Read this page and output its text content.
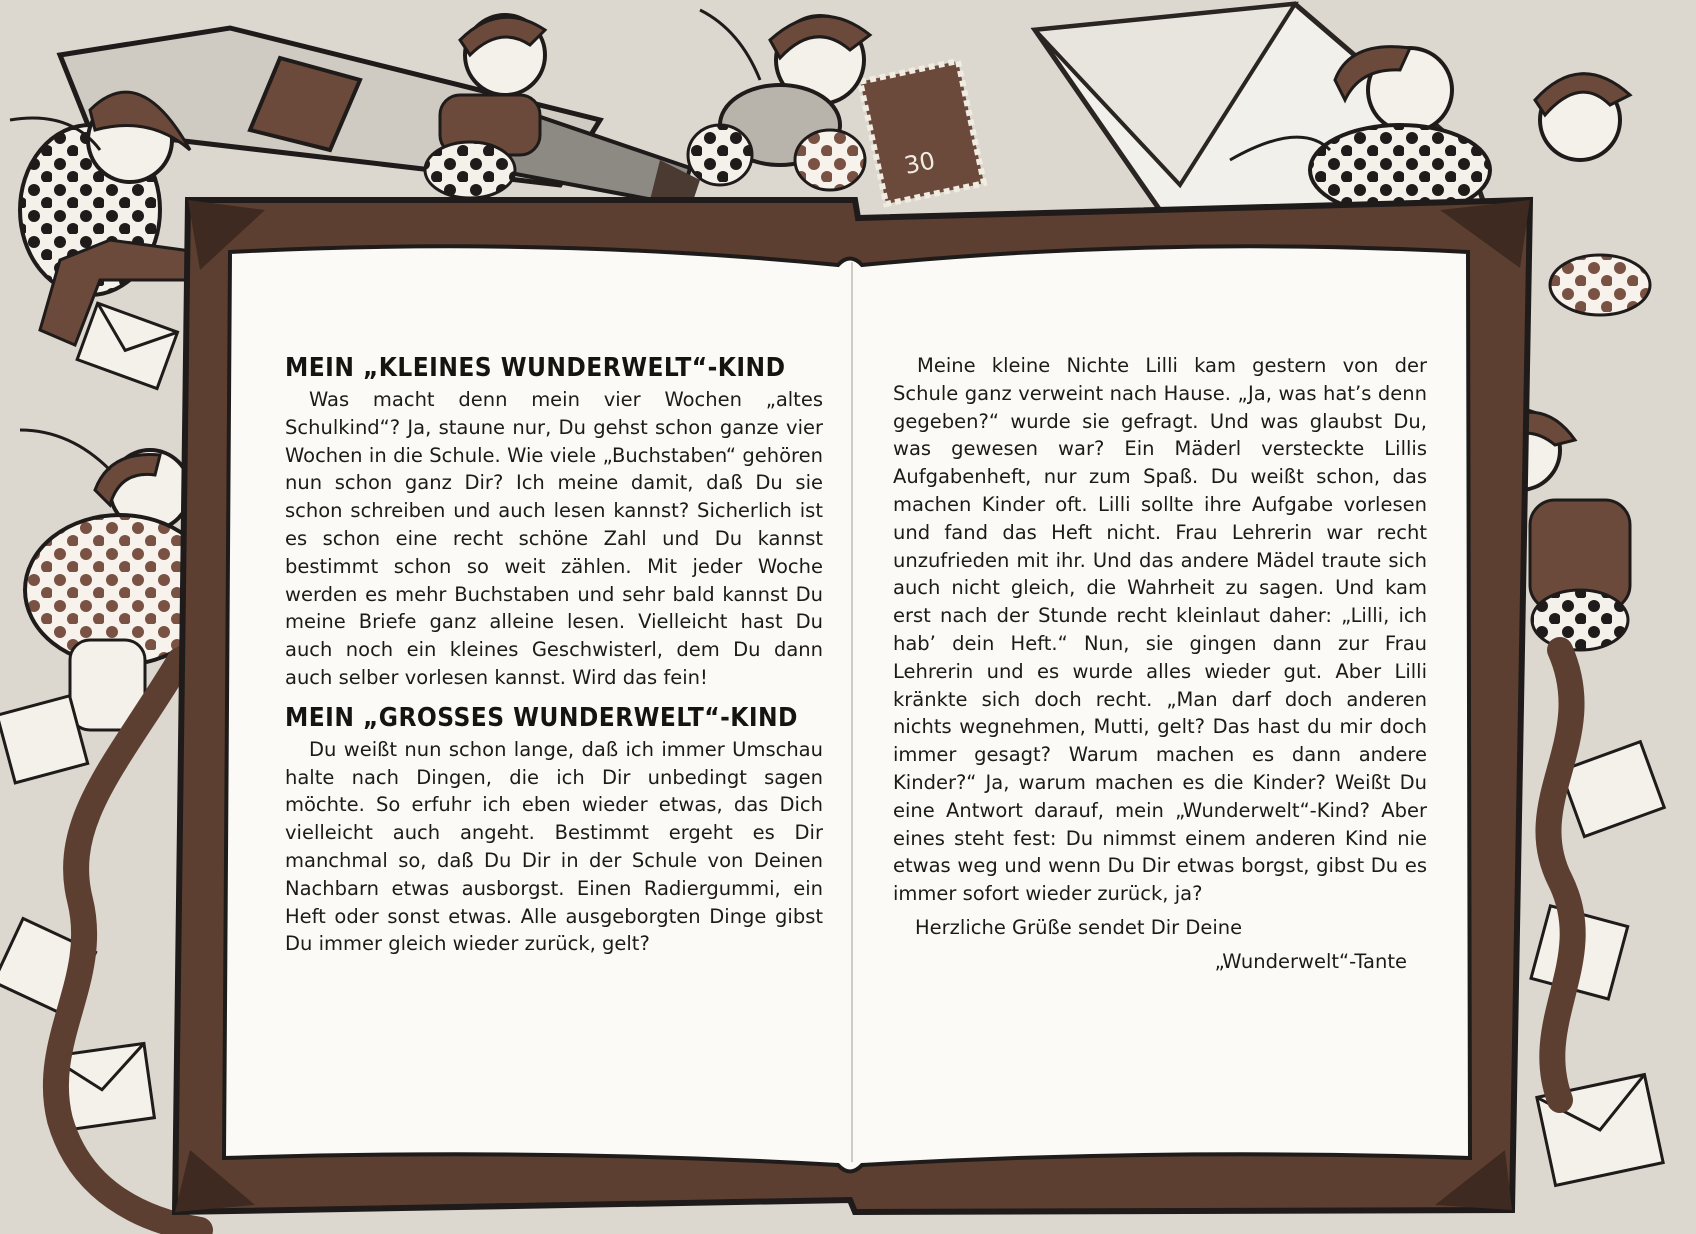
30
MEIN „KLEINES WUNDERWELT“-KIND

Was macht denn mein vier Wochen „altes Schulkind“? Ja, staune nur, Du gehst schon ganze vier Wochen in die Schule. Wie viele „Buchstaben“ gehören nun schon ganz Dir? Ich meine damit, daß Du sie schon schreiben und auch lesen kannst? Sicherlich ist es schon eine recht schöne Zahl und Du kannst bestimmt schon so weit zählen. Mit jeder Woche werden es mehr Buchstaben und sehr bald kannst Du meine Briefe ganz alleine lesen. Vielleicht hast Du auch noch ein kleines Geschwisterl, dem Du dann auch selber vorlesen kannst. Wird das fein!

MEIN „GROSSES WUNDERWELT“-KIND

Du weißt nun schon lange, daß ich immer Umschau halte nach Dingen, die ich Dir unbedingt sagen möchte. So erfuhr ich eben wieder etwas, das Dich vielleicht auch angeht. Bestimmt ergeht es Dir manchmal so, daß Du Dir in der Schule von Deinen Nachbarn etwas ausborgst. Einen Radiergummi, ein Heft oder sonst etwas. Alle ausgeborgten Dinge gibst Du immer gleich wieder zurück, gelt?

Meine kleine Nichte Lilli kam gestern von der Schule ganz verweint nach Hause. „Ja, was hat’s denn gegeben?“ wurde sie gefragt. Und was glaubst Du, was gewesen war? Ein Mäderl versteckte Lillis Aufgabenheft, nur zum Spaß. Du weißt schon, das machen Kinder oft. Lilli sollte ihre Aufgabe vorlesen und fand das Heft nicht. Frau Lehrerin war recht unzufrieden mit ihr. Und das andere Mädel traute sich auch nicht gleich, die Wahrheit zu sagen. Und kam erst nach der Stunde recht kleinlaut daher: „Lilli, ich hab’ dein Heft.“ Nun, sie gingen dann zur Frau Lehrerin und es wurde alles wieder gut. Aber Lilli kränkte sich doch recht. „Man darf doch anderen nichts wegnehmen, Mutti, gelt? Das hast du mir doch immer gesagt? Warum machen es dann andere Kinder?“ Ja, warum machen es die Kinder? Weißt Du eine Antwort darauf, mein „Wunderwelt“-Kind? Aber eines steht fest: Du nimmst einem anderen Kind nie etwas weg und wenn Du Dir etwas borgst, gibst Du es immer sofort wieder zurück, ja?

Herzliche Grüße sendet Dir Deine

„Wunderwelt“-Tante
